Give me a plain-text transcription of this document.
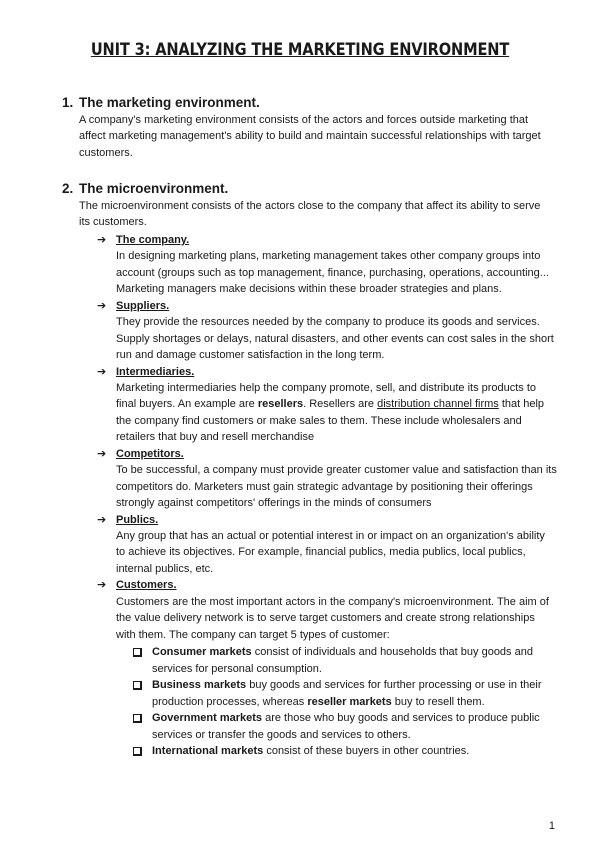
UNIT 3: ANALYZING THE MARKETING ENVIRONMENT
1. The marketing environment.
A company's marketing environment consists of the actors and forces outside marketing that affect marketing management's ability to build and maintain successful relationships with target customers.
2. The microenvironment.
The microenvironment consists of the actors close to the company that affect its ability to serve its customers.
➔ The company.
In designing marketing plans, marketing management takes other company groups into account (groups such as top management, finance, purchasing, operations, accounting... Marketing managers make decisions within these broader strategies and plans.
➔ Suppliers.
They provide the resources needed by the company to produce its goods and services. Supply shortages or delays, natural disasters, and other events can cost sales in the short run and damage customer satisfaction in the long term.
➔ Intermediaries.
Marketing intermediaries help the company promote, sell, and distribute its products to final buyers. An example are resellers. Resellers are distribution channel firms that help the company find customers or make sales to them. These include wholesalers and retailers that buy and resell merchandise
➔ Competitors.
To be successful, a company must provide greater customer value and satisfaction than its competitors do. Marketers must gain strategic advantage by positioning their offerings strongly against competitors' offerings in the minds of consumers
➔ Publics.
Any group that has an actual or potential interest in or impact on an organization's ability to achieve its objectives. For example, financial publics, media publics, local publics, internal publics, etc.
➔ Customers.
Customers are the most important actors in the company's microenvironment. The aim of the value delivery network is to serve target customers and create strong relationships with them. The company can target 5 types of customer:
Consumer markets consist of individuals and households that buy goods and services for personal consumption.
Business markets buy goods and services for further processing or use in their production processes, whereas reseller markets buy to resell them.
Government markets are those who buy goods and services to produce public services or transfer the goods and services to others.
International markets consist of these buyers in other countries.
1
